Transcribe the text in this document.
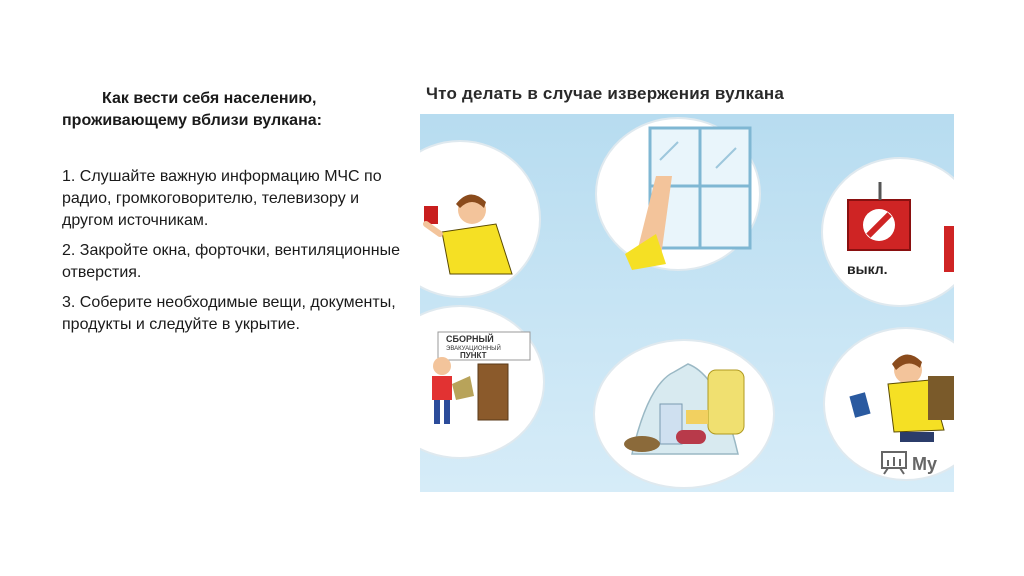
Как вести себя населению,
проживающему вблизи вулкана:

1. Слушайте важную информацию МЧС по радио, громкоговорителю, телевизору и другом источникам.

2. Закройте окна, форточки, вентиляционные отверстия.

3. Соберите необходимые вещи, документы, продукты и следуйте в укрытие.

Что делать в случае извержения вулкана
выкл.
СБОРНЫЙ
ЭВАКУАЦИОННЫЙ
ПУНКТ
My
